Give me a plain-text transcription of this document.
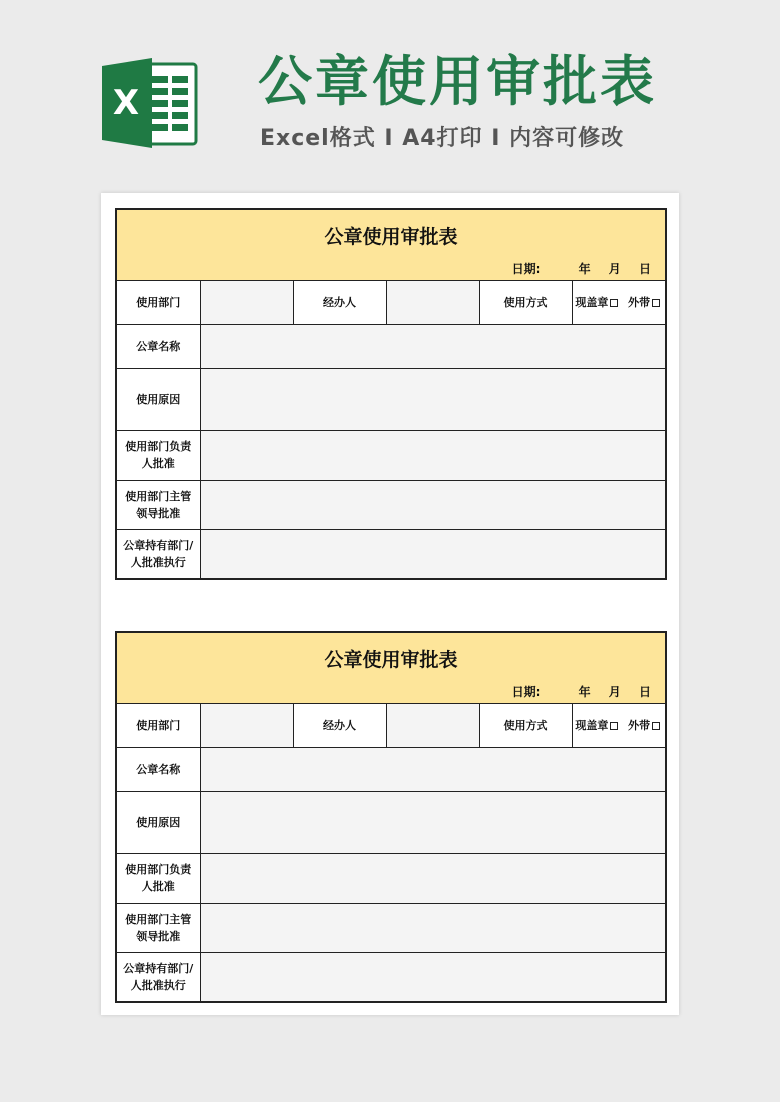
X 公章使用审批表
Excel格式 I A4打印 I 内容可修改
公章使用审批表
日期:	年 月 日
使用部门		经办人		使用方式	现盖章 外带
公章名称					
使用原因					
使用部门负责人批准					
使用部门主管领导批准					
公章持有部门/人批准执行					
公章使用审批表
日期:	年 月 日
使用部门		经办人		使用方式	现盖章 外带
公章名称					
使用原因					
使用部门负责人批准					
使用部门主管领导批准					
公章持有部门/人批准执行					
